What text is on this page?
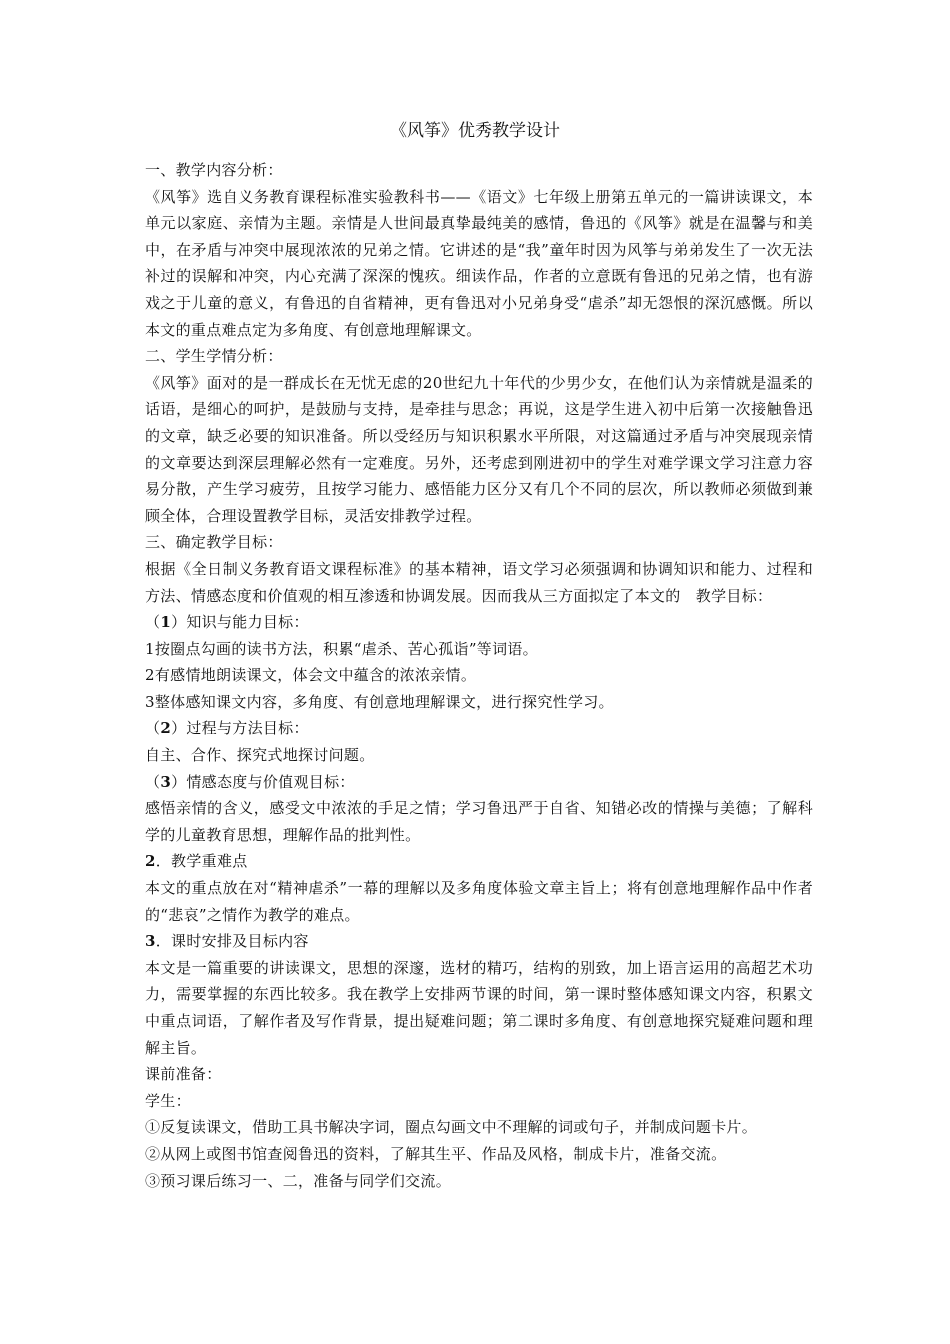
《风筝》优秀教学设计

一、教学内容分析：

《风筝》选自义务教育课程标准实验教科书——《语文》七年级上册第五单元的一篇讲读课文，本单元以家庭、亲情为主题。亲情是人世间最真挚最纯美的感情，鲁迅的《风筝》就是在温馨与和美中，在矛盾与冲突中展现浓浓的兄弟之情。它讲述的是“我”童年时因为风筝与弟弟发生了一次无法补过的误解和冲突，内心充满了深深的愧疚。细读作品，作者的立意既有鲁迅的兄弟之情，也有游戏之于儿童的意义，有鲁迅的自省精神，更有鲁迅对小兄弟身受“虐杀”却无怨恨的深沉感慨。所以本文的重点难点定为多角度、有创意地理解课文。

二、学生学情分析：

《风筝》面对的是一群成长在无忧无虑的20世纪九十年代的少男少女，在他们认为亲情就是温柔的话语，是细心的呵护，是鼓励与支持，是牵挂与思念；再说，这是学生进入初中后第一次接触鲁迅的文章，缺乏必要的知识准备。所以受经历与知识积累水平所限，对这篇通过矛盾与冲突展现亲情的文章要达到深层理解必然有一定难度。另外，还考虑到刚进初中的学生对难学课文学习注意力容易分散，产生学习疲劳，且按学习能力、感悟能力区分又有几个不同的层次，所以教师必须做到兼顾全体，合理设置教学目标，灵活安排教学过程。

三、确定教学目标：

根据《全日制义务教育语文课程标准》的基本精神，语文学习必须强调和协调知识和能力、过程和方法、情感态度和价值观的相互渗透和协调发展。因而我从三方面拟定了本文的　教学目标：

（1）知识与能力目标：

1按圈点勾画的读书方法，积累“虐杀、苦心孤诣”等词语。

2有感情地朗读课文，体会文中蕴含的浓浓亲情。

3整体感知课文内容，多角度、有创意地理解课文，进行探究性学习。

（2）过程与方法目标：

自主、合作、探究式地探讨问题。

（3）情感态度与价值观目标：

感悟亲情的含义，感受文中浓浓的手足之情；学习鲁迅严于自省、知错必改的情操与美德；了解科学的儿童教育思想，理解作品的批判性。

2．教学重难点

本文的重点放在对“精神虐杀”一幕的理解以及多角度体验文章主旨上；将有创意地理解作品中作者的“悲哀”之情作为教学的难点。

3．课时安排及目标内容

本文是一篇重要的讲读课文，思想的深邃，选材的精巧，结构的别致，加上语言运用的高超艺术功力，需要掌握的东西比较多。我在教学上安排两节课的时间，第一课时整体感知课文内容，积累文中重点词语，了解作者及写作背景，提出疑难问题；第二课时多角度、有创意地探究疑难问题和理解主旨。

课前准备：

学生：

①反复读课文，借助工具书解决字词，圈点勾画文中不理解的词或句子，并制成问题卡片。

②从网上或图书馆查阅鲁迅的资料，了解其生平、作品及风格，制成卡片，准备交流。

③预习课后练习一、二，准备与同学们交流。
